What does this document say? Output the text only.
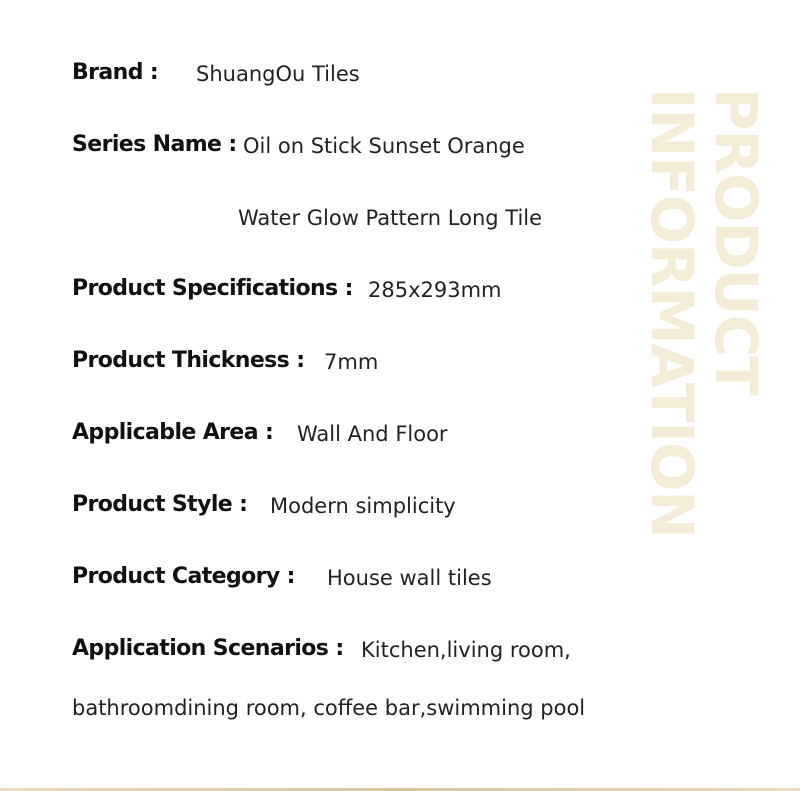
PRODUCT INFORMATION
Brand : ShuangOu Tiles
Series Name : Oil on Stick Sunset Orange
Water Glow Pattern Long Tile
Product Specifications : 285x293mm
Product Thickness : 7mm
Applicable Area : Wall And Floor
Product Style : Modern simplicity
Product Category : House wall tiles
Application Scenarios : Kitchen,living room,
bathroomdining room, coffee bar,swimming pool
